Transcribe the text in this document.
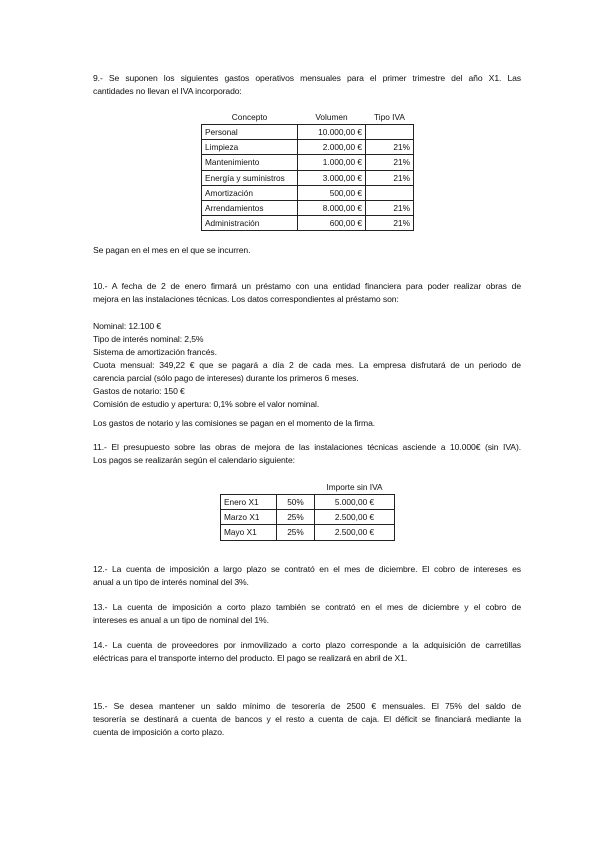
9.- Se suponen los siguientes gastos operativos mensuales para el primer trimestre del año X1. Las
cantidades no llevan el IVA incorporado:
Concepto	Volumen	Tipo IVA
Personal	10.000,00 €	
Limpieza	2.000,00 €	21%
Mantenimiento	1.000,00 €	21%
Energía y suministros	3.000,00 €	21%
Amortización	500,00 €	
Arrendamientos	8.000,00 €	21%
Administración	600,00 €	21%
Se pagan en el mes en el que se incurren.
10.- A fecha de 2 de enero firmará un préstamo con una entidad financiera para poder realizar obras de
mejora en las instalaciones técnicas. Los datos correspondientes al préstamo son:
Nominal: 12.100 €
Tipo de interés nominal: 2,5%
Sistema de amortización francés.
Cuota mensual: 349,22 € que se pagará a día 2 de cada mes. La empresa disfrutará de un periodo de
carencia parcial (sólo pago de intereses) durante los primeros 6 meses.
Gastos de notario: 150 €
Comisión de estudio y apertura: 0,1% sobre el valor nominal.
Los gastos de notario y las comisiones se pagan en el momento de la firma.
11.- El presupuesto sobre las obras de mejora de las instalaciones técnicas asciende a 10.000€ (sin IVA).
Los pagos se realizarán según el calendario siguiente:
		Importe sin IVA
Enero X1	50%	5.000,00 €
Marzo X1	25%	2.500,00 €
Mayo X1	25%	2.500,00 €
12.- La cuenta de imposición a largo plazo se contrató en el mes de diciembre. El cobro de intereses es
anual a un tipo de interés nominal del 3%.
13.- La cuenta de imposición a corto plazo también se contrató en el mes de diciembre y el cobro de
intereses es anual a un tipo de nominal del 1%.
14.- La cuenta de proveedores por inmovilizado a corto plazo corresponde a la adquisición de carretillas
eléctricas para el transporte interno del producto. El pago se realizará en abril de X1.
15.- Se desea mantener un saldo mínimo de tesorería de 2500 € mensuales. El 75% del saldo de
tesorería se destinará a cuenta de bancos y el resto a cuenta de caja. El déficit se financiará mediante la
cuenta de imposición a corto plazo.
